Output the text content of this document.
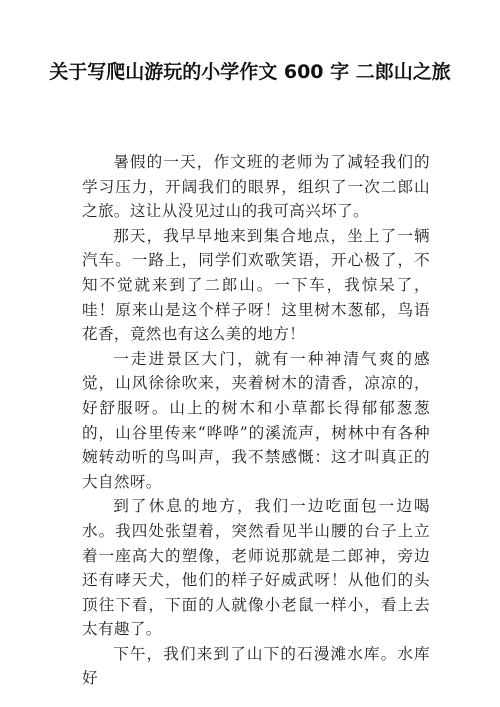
关于写爬山游玩的小学作文 600 字 二郎山之旅

暑假的一天，作文班的老师为了减轻我们的学习压力，开阔我们的眼界，组织了一次二郎山之旅。这让从没见过山的我可高兴坏了。

那天，我早早地来到集合地点，坐上了一辆汽车。一路上，同学们欢歌笑语，开心极了，不知不觉就来到了二郎山。一下车，我惊呆了，哇！原来山是这个样子呀！这里树木葱郁，鸟语花香，竟然也有这么美的地方！

一走进景区大门，就有一种神清气爽的感觉，山风徐徐吹来，夹着树木的清香，凉凉的，好舒服呀。山上的树木和小草都长得郁郁葱葱的，山谷里传来“哗哗”的溪流声，树林中有各种婉转动听的鸟叫声，我不禁感慨：这才叫真正的大自然呀。

到了休息的地方，我们一边吃面包一边喝水。我四处张望着，突然看见半山腰的台子上立着一座高大的塑像，老师说那就是二郎神，旁边还有哮天犬，他们的样子好威武呀！从他们的头顶往下看，下面的人就像小老鼠一样小，看上去太有趣了。

下午，我们来到了山下的石漫滩水库。水库好
